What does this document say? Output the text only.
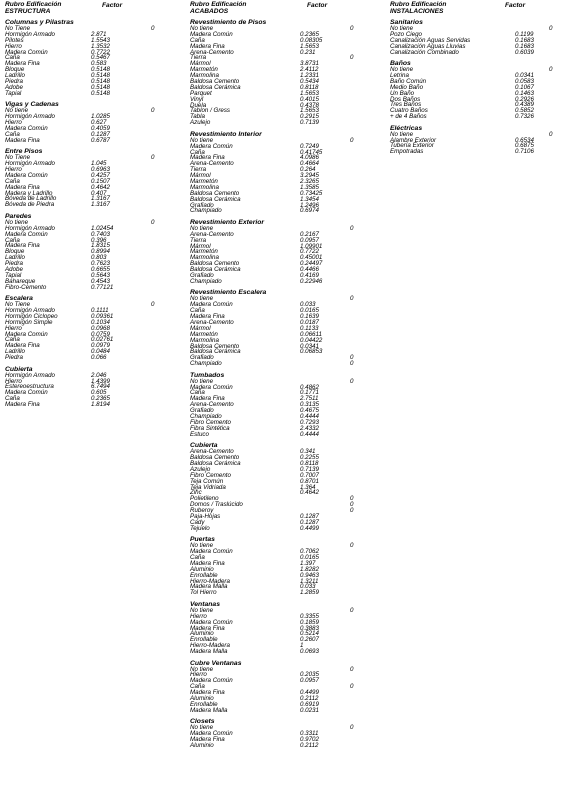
Rubro Edificación
ESTRUCTURA
Factor
Columnas y Pilastras
No Tiene	0
Hormigón Armado	2.871
Pilotes	1.5543
Hierro	1.3532
Madera Común	0.7722
Caña	0.5467
Madera Fina	0.583
Bloque	0.5148
Ladrillo	0.5148
Piedra	0.5148
Adobe	0.5148
Tapial	0.5148
Vigas y Cadenas
No tiene	0
Hormigón Armado	1.0285
Hierro	0.627
Madera Común	0.4059
Caña	0.1287
Madera Fina	0.6787
Entre Pisos
No Tiene	0
Hormigón Armado	1.045
Hierro	0.6963
Madera Común	0.4257
Caña	0.1507
Madera Fina	0.4642
Madera y Ladrillo	0.407
Bóveda de Ladrillo	1.3167
Bóveda de Piedra	1.3167
Paredes
No tiene	0
Hormigón Armado	1.02454
Madera Común	0.7403
Caña	0.396
Madera Fina	1.8315
Bloque	0.8994
Ladrillo	0.803
Piedra	0.7623
Adobe	0.6655
Tapial	0.5643
Bahareque	0.4543
Fibro-Cemento	0.77121
Escalera
No Tiene	0
Hormigón Armado	0.1111
Hormigón Ciclopeo	0.09361
Hormigón Simple	0.1034
Hierro	0.0968
Madera Común	0.0759
Caña	0.02761
Madera Fina	0.0979
Ladrillo	0.0484
Piedra	0.066
Cubierta
Hormigón Armado	2.046
Hierro	1.4399
Estereoestructura	6.7494
Madera Común	0.605
Caña	0.2365
Madera Fina	1.8194
Rubro Edificación
ACABADOS
Factor
Revestimiento de Pisos
No tiene	0
Madera Común	0.2365
Caña	0.08305
Madera Fina	1.5653
Arena-Cemento	0.231
Tierra	0
Mármol	3.8731
Marmetón	2.4112
Marmolina	1.2331
Baldosa Cemento	0.5434
Baldosa Cerámica	0.8118
Parquet	1.5653
Vinyl	0.4015
Duela	0.4378
Tablon / Gress	1.5653
Tabla	0.2915
Azulejo	0.7139
Revestimiento Interior
No tiene	0
Madera Común	0.7249
Caña	0.41745
Madera Fina	4.0986
Arena-Cemento	0.4664
Tierra	0.264
Mármol	3.2945
Marmetón	2.3265
Marmolina	1.3585
Baldosa Cemento	0.73425
Baldosa Cerámica	1.3454
Grafiado	1.2496
Champiado	0.6974
Revestimiento Exterior
No tiene	0
Arena-Cemento	0.2167
Tierra	0.0957
Mármol	1.09901
Marmetón	0.7722
Marmolina	0.45001
Baldosa Cemento	0.24497
Baldosa Cerámica	0.4466
Grafiado	0.4169
Champiado	0.22946
Revestimiento Escalera
No tiene	0
Madera Común	0.033
Caña	0.0165
Madera Fina	0.1639
Arena-Cemento	0.0187
Mármol	0.1133
Marmetón	0.06611
Marmolina	0.04422
Baldosa Cemento	0.0341
Baldosa Cerámica	0.06853
Grafiado	0
Champiado	0
Tumbados
No tiene	0
Madera Común	0.4862
Caña	0.1771
Madera Fina	2.7511
Arena-Cemento	0.3135
Grafiado	0.4675
Champiado	0.4444
Fibro Cemento	0.7293
Fibra Sintética	2.4332
Estuco	0.4444
Cubierta
Arena-Cemento	0.341
Baldosa Cemento	0.2255
Baldosa Cerámica	0.8118
Azulejo	0.7139
Fibro Cemento	0.7007
Teja Común	0.8701
Teja Vidriada	1.364
Zinc	0.4642
Polietileno	0
Domos / Traslúcido	0
Ruberoy	0
Paja-Hojas	0.1287
Cady	0.1287
Tejuelo	0.4499
Puertas
No tiene	0
Madera Común	0.7062
Caña	0.0165
Madera Fina	1.397
Aluminio	1.8282
Enrollable	0.9463
Hierro-Madera	1.3211
Madera Malla	0.033
Tol Hierro	1.2859
Ventanas
No tiene	0
Hierro	0.3355
Madera Común	0.1859
Madera Fina	0.3883
Aluminio	0.5214
Enrollable	0.2607
Hierro-Madera	1
Madera Malla	0.0693
Cubre Ventanas
No tiene	0
Hierro	0.2035
Madera Común	0.0957
Caña	0
Madera Fina	0.4499
Aluminio	0.2112
Enrollable	0.6919
Madera Malla	0.0231
Closets
No tiene	0
Madera Común	0.3311
Madera Fina	0.9702
Aluminio	0.2112
Rubro Edificación
INSTALACIONES
Factor
Sanitarios
No tiene	0
Pozo Ciego	0.1199
Canalización Aguas Servidas	0.1683
Canalización Aguas Lluvias	0.1683
Canalización Combinado	0.6039
Baños
No tiene	0
Letrina	0.0341
Baño Común	0.0583
Medio Baño	0.1067
Un Baño	0.1463
Dos Baños	0.2926
Tres Baños	0.4389
Cuatro Baños	0.5852
+ de 4 Baños	0.7326
Eléctricas
No tiene	0
Alambre Exterior	0.6534
Tubería Exterior	0.6875
Empotradas	0.7106
